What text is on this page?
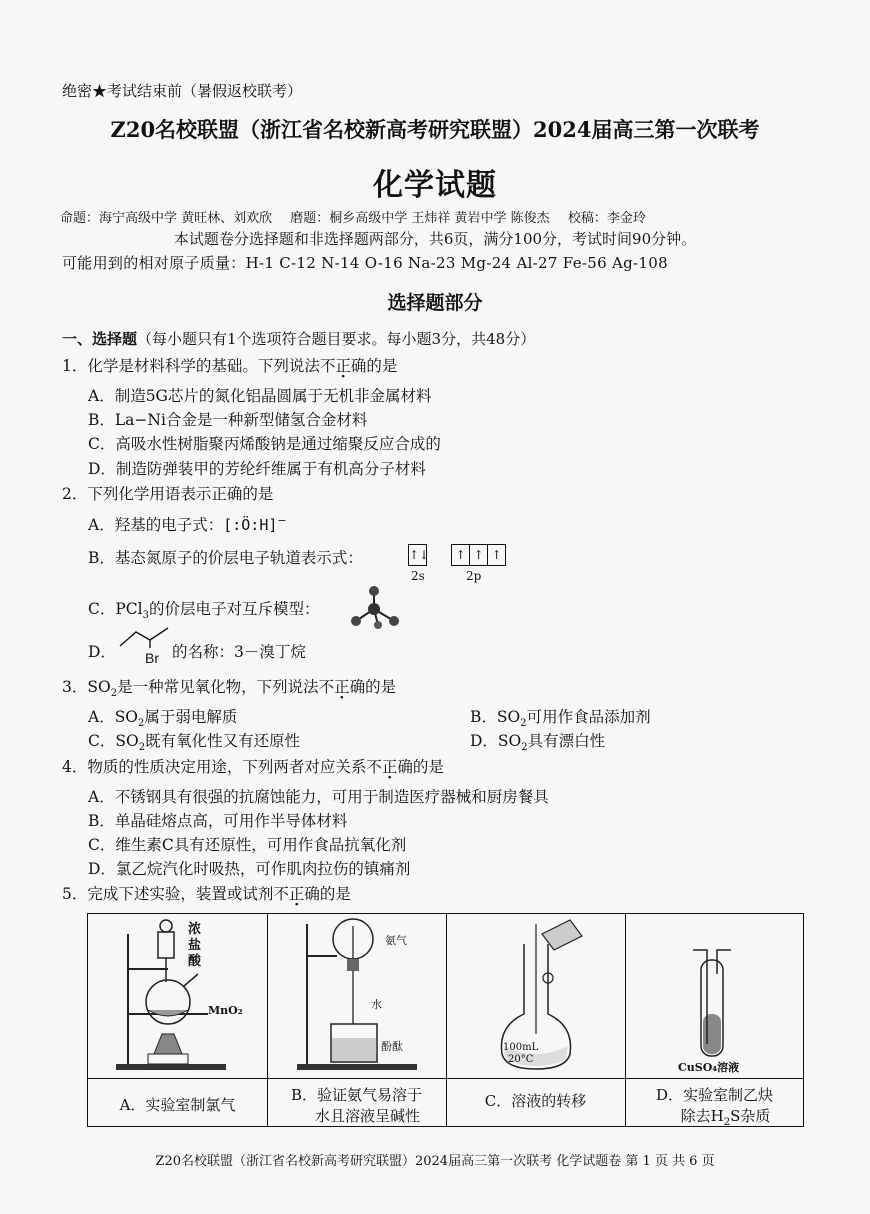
绝密★考试结束前（暑假返校联考）
Z20名校联盟（浙江省名校新高考研究联盟）2024届高三第一次联考
化学试题
命题：海宁高级中学 黄旺林、刘欢欣 磨题：桐乡高级中学 王炜祥 黄岩中学 陈俊杰 校稿：李金玲
本试题卷分选择题和非选择题两部分，共6页，满分100分，考试时间90分钟。
可能用到的相对原子质量：H-1 C-12 N-14 O-16 Na-23 Mg-24 Al-27 Fe-56 Ag-108
选择题部分
一、选择题（每小题只有1个选项符合题目要求。每小题3分，共48分）
1．化学是材料科学的基础。下列说法不正确的是
A．制造5G芯片的氮化铝晶圆属于无机非金属材料
B．La−Ni合金是一种新型储氢合金材料
C．高吸水性树脂聚丙烯酸钠是通过缩聚反应合成的
D．制造防弹装甲的芳纶纤维属于有机高分子材料
2．下列化学用语表示正确的是
A．羟基的电子式：[:Ö:H]−
B．基态氮原子的价层电子轨道表示式：	↑↓ ↑ ↑ ↑
2s	2p
C．PCl$_3$的价层电子对互斥模型：
D． Br 的名称：3－溴丁烷
3．$SO_2$是一种常见氧化物，下列说法不正确的是
A．$SO_2$属于弱电解质	B．$SO_2$可用作食品添加剂
C．$SO_2$既有氧化性又有还原性	D．$SO_2$具有漂白性
4．物质的性质决定用途，下列两者对应关系不正确的是
A．不锈钢具有很强的抗腐蚀能力，可用于制造医疗器械和厨房餐具
B．单晶硅熔点高，可用作半导体材料
C．维生素C具有还原性，可用作食品抗氧化剂
D．氯乙烷汽化时吸热，可作肌肉拉伤的镇痛剂
5．完成下述实验，装置或试剂不正确的是
浓
盐
酸
MnO₂
氨气
水
酚酞	100mL
20°C
CuSO₄溶液
A．实验室制氯气
B．验证氨气易溶于
水且溶液呈碱性
C．溶液的转移	D．实验室制乙炔
除去$H_2S$杂质
Z20名校联盟（浙江省名校新高考研究联盟）2024届高三第一次联考 化学试题卷 第 1 页 共 6 页
